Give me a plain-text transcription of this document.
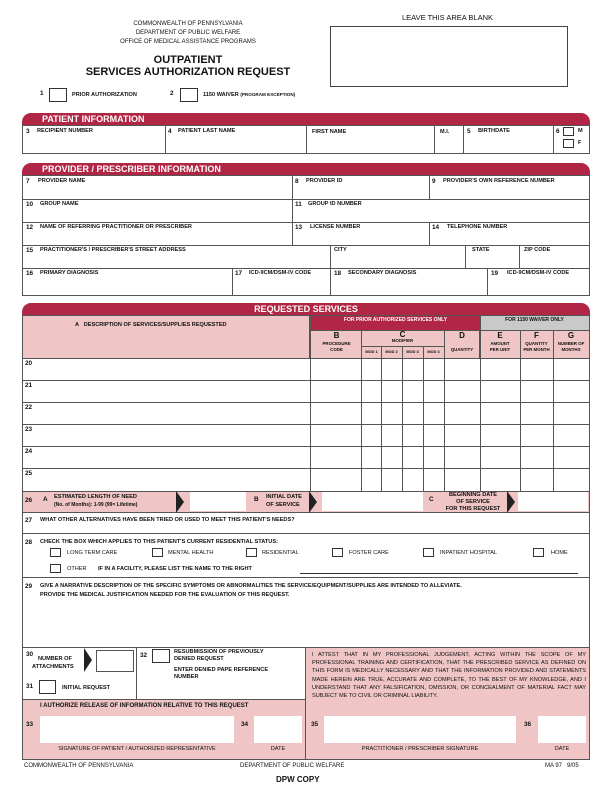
COMMONWEALTH OF PENNSYLVANIA
DEPARTMENT OF PUBLIC WELFARE
OFFICE OF MEDICAL ASSISTANCE PROGRAMS
OUTPATIENT
SERVICES AUTHORIZATION REQUEST
LEAVE THIS AREA BLANK
1	PRIOR AUTHORIZATION	2	1150 WAIVER (PROGRAM EXCEPTION)
PATIENT INFORMATION
3 RECIPIENT NUMBER	4 PATIENT LAST NAME	FIRST NAME	M.I.	5 BIRTHDATE	6	M
F
PROVIDER / PRESCRIBER INFORMATION
7 PROVIDER NAME	8 PROVIDER ID	9 PROVIDER'S OWN REFERENCE NUMBER
10 GROUP NAME	11 GROUP ID NUMBER
12 NAME OF REFERRING PRACTITIONER OR PRESCRIBER	13 LICENSE NUMBER	14 TELEPHONE NUMBER
15 PRACTITIONER'S / PRESCRIBER'S STREET ADDRESS	CITY	STATE	ZIP CODE
16 PRIMARY DIAGNOSIS	17 ICD-9CM/DSM-IV CODE	18 SECONDARY DIAGNOSIS	19 ICD-9CM/DSM-IV CODE
REQUESTED SERVICES
A DESCRIPTION OF SERVICES/SUPPLIES REQUESTED
FOR PRIOR AUTHORIZED SERVICES ONLY	FOR 1150 WAIVER ONLY
B
PROCEDURE
CODE
C
MODIFIER
MOD 1	MOD 2	MOD 3	MOD 4
D
QUANTITY
E
AMOUNT
PER UNIT
F
QUANTITY
PER MONTH
G
NUMBER OF
MONTHS
20
21
22
23
24
25
26 A ESTIMATED LENGTH OF NEED
(No. of Months): 1-99 (99= Lifetime)
B INITIAL DATE
OF SERVICE
C
BEGINNING DATE
OF SERVICE
FOR THIS REQUEST
27 WHAT OTHER ALTERNATIVES HAVE BEEN TRIED OR USED TO MEET THIS PATIENT'S NEEDS?
28 CHECK THE BOX WHICH APPLIES TO THIS PATIENT'S CURRENT RESIDENTIAL STATUS:
LONG TERM CARE	MENTAL HEALTH	RESIDENTIAL	FOSTER CARE	INPATIENT HOSPITAL	HOME
OTHER IF IN A FACILITY, PLEASE LIST THE NAME TO THE RIGHT
29 GIVE A NARRATIVE DESCRIPTION OF THE SPECIFIC SYMPTOMS OR ABNORMALITIES THE SERVICE/EQUIPMENT/SUPPLIES ARE INTENDED TO ALLEVIATE.
PROVIDE THE MEDICAL JUSTIFICATION NEEDED FOR THE EVALUATION OF THIS REQUEST.
30
NUMBER OF
ATTACHMENTS
31	INITIAL REQUEST
32	RESUBMISSION OF PREVIOUSLY
DENIED REQUEST
ENTER DENIED PAPE REFERENCE
NUMBER
I ATTEST THAT IN MY PROFESSIONAL JUDGEMENT, ACTING WITHIN THE SCOPE OF MY PROFESSIONAL TRAINING AND CERTIFICATION, THAT THE PRESCRIBED SERVICE AS DEFINED ON THIS FORM IS MEDICALLY NECESSARY AND THAT THE INFORMATION PROVIDED AND STATEMENTS MADE HEREIN ARE TRUE, ACCURATE AND COMPLETE, TO THE BEST OF MY KNOWLEDGE, AND I UNDERSTAND THAT ANY FALSIFICATION, OMISSION, OR CONCEALMENT OF MATERIAL FACT MAY SUBJECT ME TO CIVIL OR CRIMINAL LIABILITY.
I AUTHORIZE RELEASE OF INFORMATION RELATIVE TO THIS REQUEST
33
SIGNATURE OF PATIENT / AUTHORIZED REPRESENTATIVE
34
DATE
35
PRACTITIONER / PRESCRIBER SIGNATURE
36
DATE
COMMONWEALTH OF PENNSYLVANIA	DEPARTMENT OF PUBLIC WELFARE	MA 97   9/05
DPW COPY
